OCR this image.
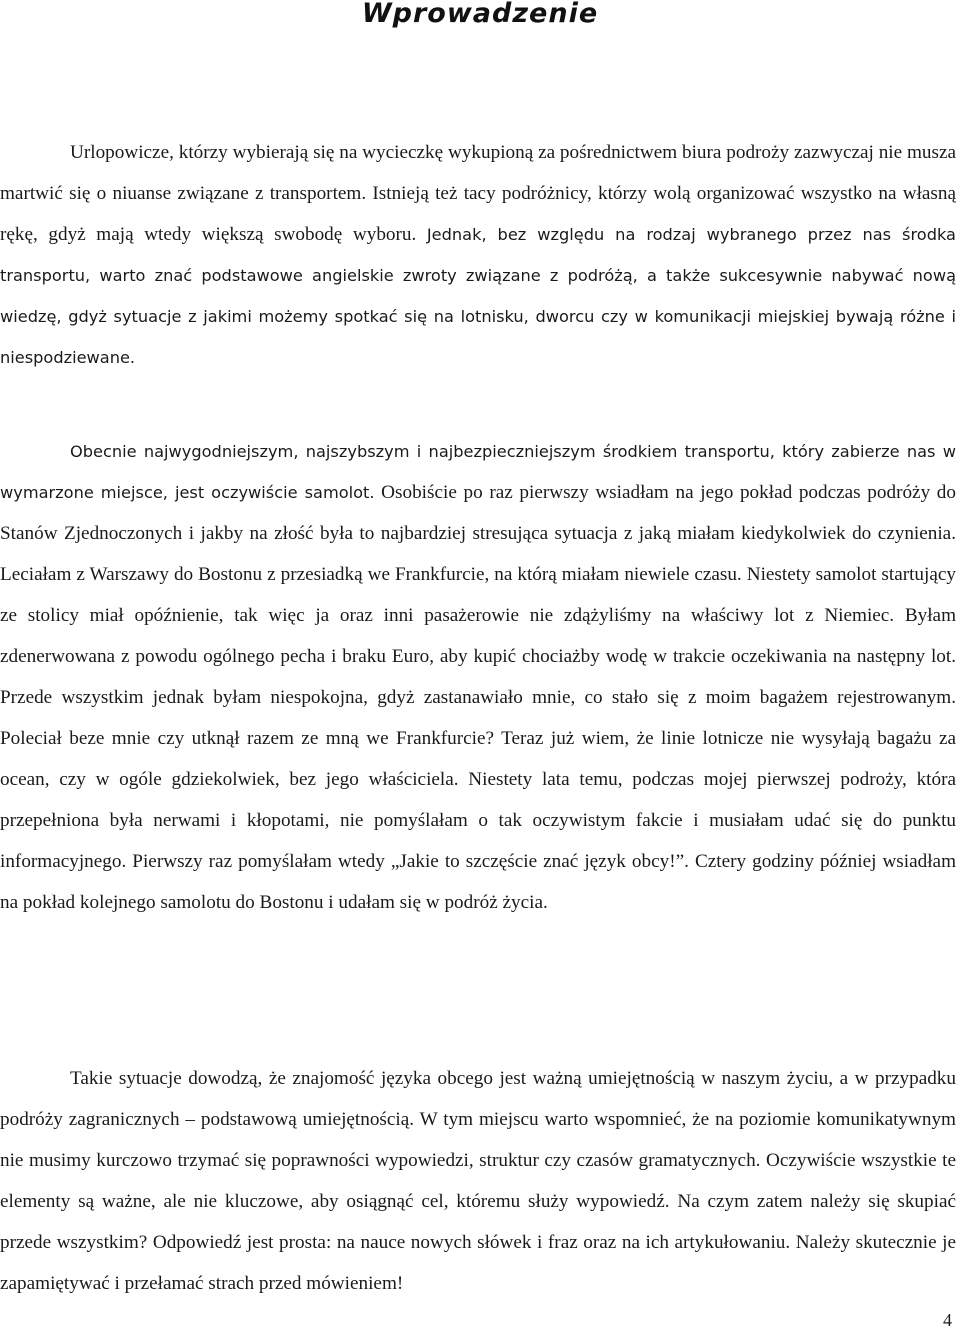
Wprowadzenie

Urlopowicze, którzy wybierają się na wycieczkę wykupioną za pośrednictwem biura podroży zazwyczaj nie musza martwić się o niuanse związane z transportem. Istnieją też tacy podróżnicy, którzy wolą organizować wszystko na własną rękę, gdyż mają wtedy większą swobodę wyboru. Jednak, bez względu na rodzaj wybranego przez nas środka transportu, warto znać podstawowe angielskie zwroty związane z podróżą, a także sukcesywnie nabywać nową wiedzę, gdyż sytuacje z jakimi możemy spotkać się na lotnisku, dworcu czy w komunikacji miejskiej bywają różne i niespodziewane.

Obecnie najwygodniejszym, najszybszym i najbezpieczniejszym środkiem transportu, który zabierze nas w wymarzone miejsce, jest oczywiście samolot. Osobiście po raz pierwszy wsiadłam na jego pokład podczas podróży do Stanów Zjednoczonych i jakby na złość była to najbardziej stresująca sytuacja z jaką miałam kiedykolwiek do czynienia. Leciałam z Warszawy do Bostonu z przesiadką we Frankfurcie, na którą miałam niewiele czasu. Niestety samolot startujący ze stolicy miał opóźnienie, tak więc ja oraz inni pasażerowie nie zdążyliśmy na właściwy lot z Niemiec. Byłam zdenerwowana z powodu ogólnego pecha i braku Euro, aby kupić chociażby wodę w trakcie oczekiwania na następny lot. Przede wszystkim jednak byłam niespokojna, gdyż zastanawiało mnie, co stało się z moim bagażem rejestrowanym. Poleciał beze mnie czy utknął razem ze mną we Frankfurcie? Teraz już wiem, że linie lotnicze nie wysyłają bagażu za ocean, czy w ogóle gdziekolwiek, bez jego właściciela. Niestety lata temu, podczas mojej pierwszej podroży, która przepełniona była nerwami i kłopotami, nie pomyślałam o tak oczywistym fakcie i musiałam udać się do punktu informacyjnego. Pierwszy raz pomyślałam wtedy „Jakie to szczęście znać język obcy!”. Cztery godziny później wsiadłam na pokład kolejnego samolotu do Bostonu i udałam się w podróż życia.

Takie sytuacje dowodzą, że znajomość języka obcego jest ważną umiejętnością w naszym życiu, a w przypadku podróży zagranicznych – podstawową umiejętnością. W tym miejscu warto wspomnieć, że na poziomie komunikatywnym nie musimy kurczowo trzymać się poprawności wypowiedzi, struktur czy czasów gramatycznych. Oczywiście wszystkie te elementy są ważne, ale nie kluczowe, aby osiągnąć cel, któremu służy wypowiedź. Na czym zatem należy się skupiać przede wszystkim? Odpowiedź jest prosta: na nauce nowych słówek i fraz oraz na ich artykułowaniu. Należy skutecznie je zapamiętywać i przełamać strach przed mówieniem!

4
